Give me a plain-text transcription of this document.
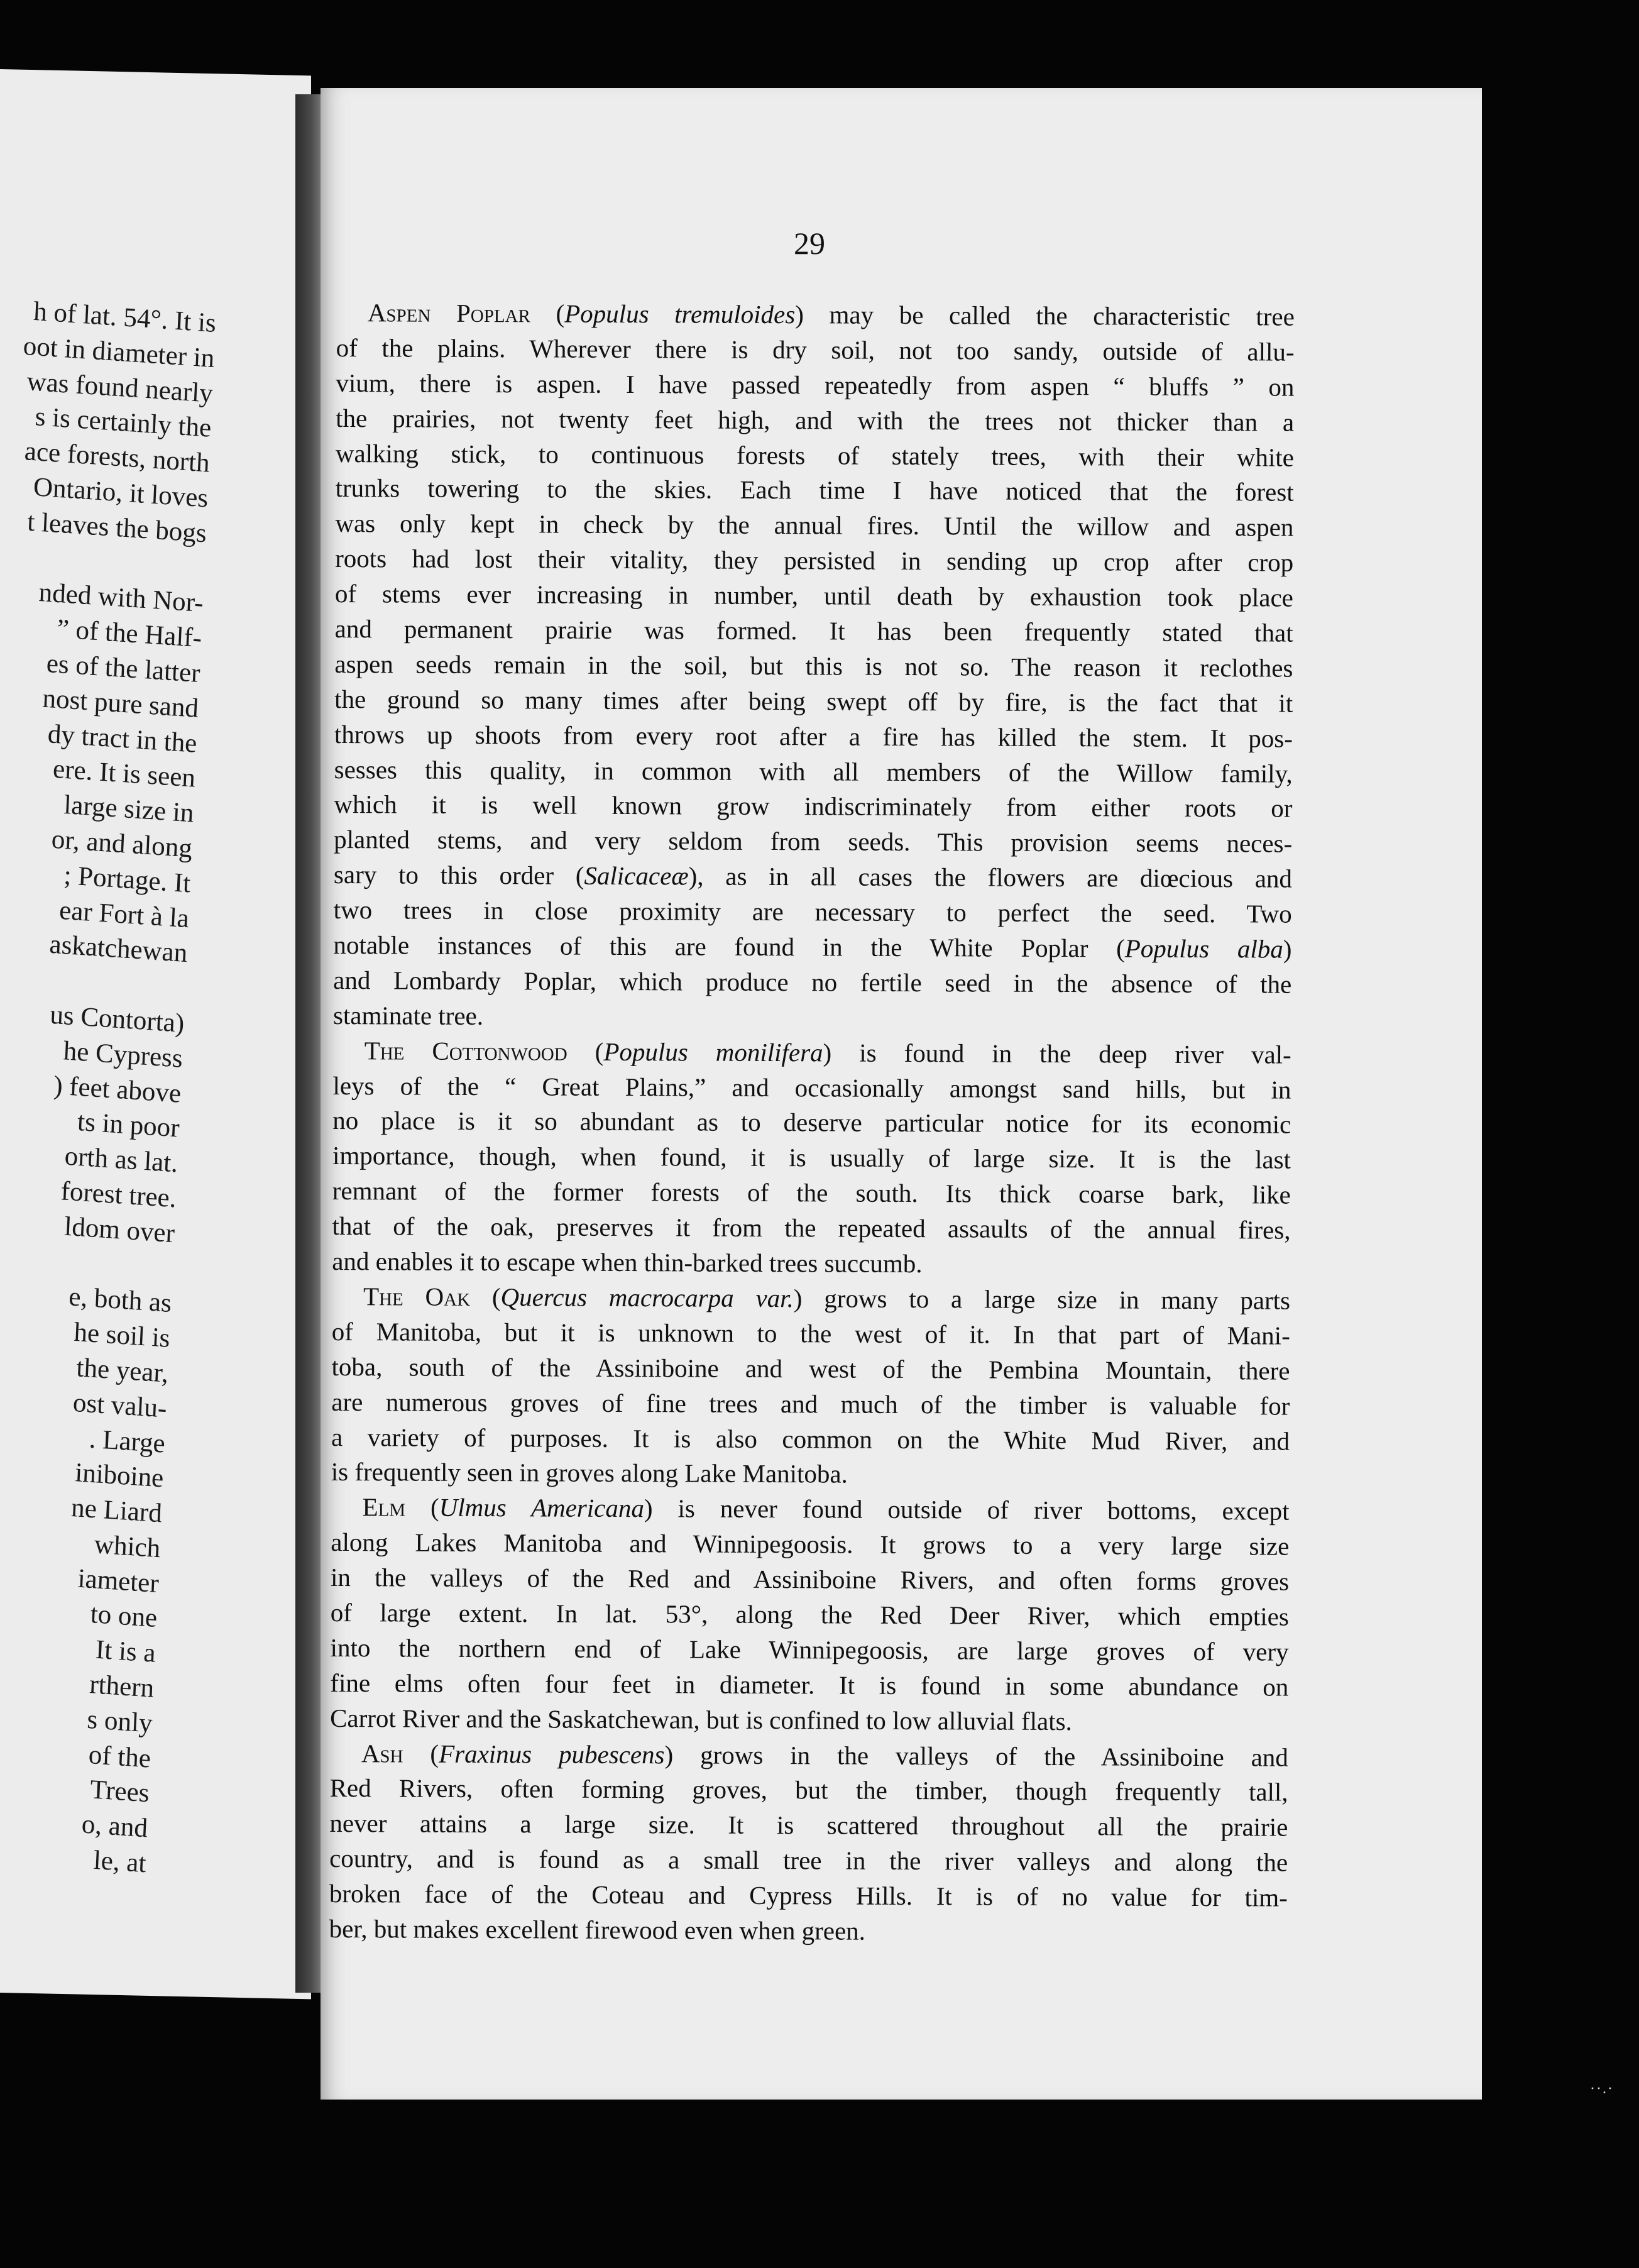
h of lat. 54°. It is
oot in diameter in
was found nearly
s is certainly the
ace forests, north
Ontario, it loves
t leaves the bogs
nded with Nor-
” of the Half-
es of the latter
nost pure sand
dy tract in the
ere. It is seen
large size in
or, and along
; Portage. It
ear Fort à la
askatchewan
us Contorta)
he Cypress
) feet above
ts in poor
orth as lat.
forest tree.
ldom over
e, both as
he soil is
the year,
ost valu-
. Large
iniboine
ne Liard
which
iameter
to one
It is a
rthern
s only
of the
Trees
o, and
le, at
29
Aspen Poplar (Populus tremuloides) may be called the characteristic tree
of the plains. Wherever there is dry soil, not too sandy, outside of allu-
vium, there is aspen. I have passed repeatedly from aspen “ bluffs ” on
the prairies, not twenty feet high, and with the trees not thicker than a
walking stick, to continuous forests of stately trees, with their white
trunks towering to the skies. Each time I have noticed that the forest
was only kept in check by the annual fires. Until the willow and aspen
roots had lost their vitality, they persisted in sending up crop after crop
of stems ever increasing in number, until death by exhaustion took place
and permanent prairie was formed. It has been frequently stated that
aspen seeds remain in the soil, but this is not so. The reason it reclothes
the ground so many times after being swept off by fire, is the fact that it
throws up shoots from every root after a fire has killed the stem. It pos-
sesses this quality, in common with all members of the Willow family,
which it is well known grow indiscriminately from either roots or
planted stems, and very seldom from seeds. This provision seems neces-
sary to this order (Salicaceæ), as in all cases the flowers are diœcious and
two trees in close proximity are necessary to perfect the seed. Two
notable instances of this are found in the White Poplar (Populus alba)
and Lombardy Poplar, which produce no fertile seed in the absence of the
staminate tree.
The Cottonwood (Populus monilifera) is found in the deep river val-
leys of the “ Great Plains,” and occasionally amongst sand hills, but in
no place is it so abundant as to deserve particular notice for its economic
importance, though, when found, it is usually of large size. It is the last
remnant of the former forests of the south. Its thick coarse bark, like
that of the oak, preserves it from the repeated assaults of the annual fires,
and enables it to escape when thin-barked trees succumb.
The Oak (Quercus macrocarpa var.) grows to a large size in many parts
of Manitoba, but it is unknown to the west of it. In that part of Mani-
toba, south of the Assiniboine and west of the Pembina Mountain, there
are numerous groves of fine trees and much of the timber is valuable for
a variety of purposes. It is also common on the White Mud River, and
is frequently seen in groves along Lake Manitoba.
Elm (Ulmus Americana) is never found outside of river bottoms, except
along Lakes Manitoba and Winnipegoosis. It grows to a very large size
in the valleys of the Red and Assiniboine Rivers, and often forms groves
of large extent. In lat. 53°, along the Red Deer River, which empties
into the northern end of Lake Winnipegoosis, are large groves of very
fine elms often four feet in diameter. It is found in some abundance on
Carrot River and the Saskatchewan, but is confined to low alluvial flats.
Ash (Fraxinus pubescens) grows in the valleys of the Assiniboine and
Red Rivers, often forming groves, but the timber, though frequently tall,
never attains a large size. It is scattered throughout all the prairie
country, and is found as a small tree in the river valleys and along the
broken face of the Coteau and Cypress Hills. It is of no value for tim-
ber, but makes excellent firewood even when green.
··.·
